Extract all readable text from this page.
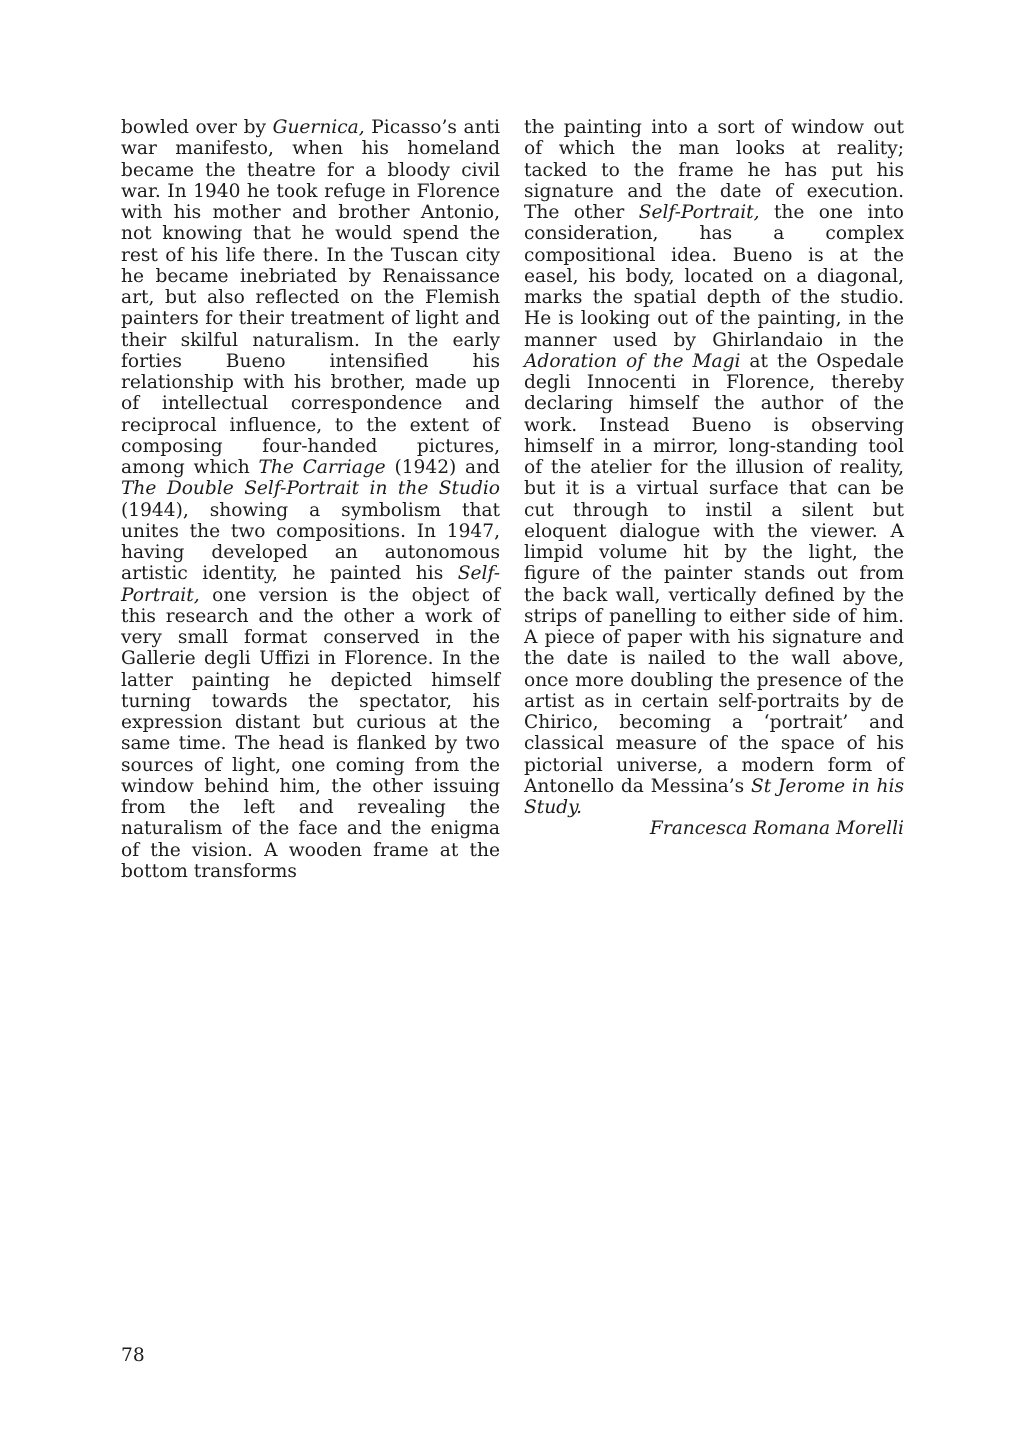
bowled over by Guernica, Picasso’s anti war manifesto, when his homeland became the theatre for a bloody civil war. In 1940 he took refuge in Florence with his mother and brother Antonio, not knowing that he would spend the rest of his life there. In the Tuscan city he became inebriated by Renaissance art, but also reflected on the Flemish painters for their treatment of light and their skilful naturalism. In the early forties Bueno intensified his relationship with his brother, made up of intellectual correspondence and reciprocal influence, to the extent of composing four-handed pictures, among which The Carriage (1942) and The Double Self-Portrait in the Studio (1944), showing a symbolism that unites the two compositions. In 1947, having developed an autonomous artistic identity, he painted his Self-Portrait, one version is the object of this research and the other a work of very small format conserved in the Gallerie degli Uffizi in Florence. In the latter painting he depicted himself turning towards the spectator, his expression distant but curious at the same time. The head is flanked by two sources of light, one coming from the window behind him, the other issuing from the left and revealing the naturalism of the face and the enigma of the vision. A wooden frame at the bottom transforms

the painting into a sort of window out of which the man looks at reality; tacked to the frame he has put his signature and the date of execution. The other Self-Portrait, the one into consideration, has a complex compositional idea. Bueno is at the easel, his body, located on a diagonal, marks the spatial depth of the studio. He is looking out of the painting, in the manner used by Ghirlandaio in the Adoration of the Magi at the Ospedale degli Innocenti in Florence, thereby declaring himself the author of the work. Instead Bueno is observing himself in a mirror, long-standing tool of the atelier for the illusion of reality, but it is a virtual surface that can be cut through to instil a silent but eloquent dialogue with the viewer. A limpid volume hit by the light, the figure of the painter stands out from the back wall, vertically defined by the strips of panelling to either side of him. A piece of paper with his signature and the date is nailed to the wall above, once more doubling the presence of the artist as in certain self-portraits by de Chirico, becoming a ‘portrait’ and classical measure of the space of his pictorial universe, a modern form of Antonello da Messina’s St Jerome in his Study.

Francesca Romana Morelli

78
